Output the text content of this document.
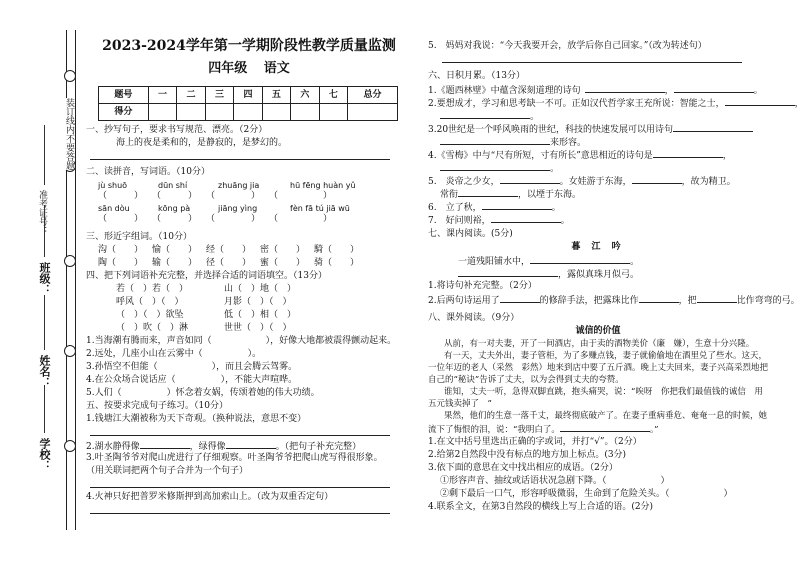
装订线内不要答题
准考证号：
班级：
姓名：
学校：
2023-2024学年第一学期阶段性教学质量监测
四年级 语文
题号	一	二	三	四	五	六	七	总分
得分								
一、抄写句子，要求书写规范、漂亮。（2分）
海上的夜是柔和的，是静寂的，是梦幻的。
二、读拼音，写词语。（10分）
jù shuō	dūn shí	zhuāng jia	hū fēng huàn yǔ
（　　　）　　（　　　）　　（　　　　）　　（　　　　　）
sān dòu	kōng pà	jiāng yìng	fèn fā tú jiā wū
（　　　）　　（　　　）　　（　　　　）　　（　　　　　）
三、形近字组词。（10分）
沟（　　） 愉（　　） 经（　　） 密（　　） 騎（　　）
陶（　　） 输（　　） 径（　　） 蜜（　　） 骑（　　）
四、把下列词语补充完整，并选择合适的词语填空。（13分）
若（　）若（　）	山（　）地（　）
呼风（　）（　）	月影（　）（　）
（　）（　）欲坠	低（　）相（　）
（　）吹（　）淋	世世（　）（　）
1.当海潮有腾而来，声音如同（　　　　　　），好像大地都被震得颤动起来。
2.远处，几座小山在云雾中（　　　　　）。
3.孙悟空不但能（　　　　　　），而且会腾云驾雾。
4.在公众场合说话应（　　　　　），不能大声喧哗。
5.人们（　　　　　）怀念着女娲，传颂着她的伟大功绩。
五、按要求完成句子练习。（10分）
1.钱塘江大潮被称为天下奇观。（换种说法，意思不变）
2.湖水静得像	，绿得像	。（把句子补充完整）
3.叶圣陶爷爷对爬山虎进行了仔细观察。叶圣陶爷爷把爬山虎写得很形象。
（用关联词把两个句子合并为一个句子）
4.火神只好把普罗米修斯押到高加索山上。（改为双重否定句）
5.　妈妈对我说：“今天我要开会，放学后你自己回家。”（改为转述句）
六、日积月累。（13分）
1.《题西林壁》中蕴含深刻道理的诗句	，	。
2.要想成才，学习和思考缺一不可。正如汉代哲学家王充所说：智能之士，	，
。
3.20世纪是一个呼风唤雨的世纪，科技的快速发展可以用诗句
来形容。
4.《雪梅》中与“尺有所短，寸有所长”意思相近的诗句是	，
。
5.　炎帝之少女，	。女娃游于东海，	，故为精卫。
常衔	，以堙于东海。
6.　立了秋，	。
7.　好问则裕，	。
七、课内阅读。(5分)
暮 江 吟
一道残阳铺水中，	。
，露似真珠月似弓。
1.将诗句补充完整。（2分）
2.后两句诗运用了	的修辞手法，把露珠比作	，把	比作弯弯的弓。
八、课外阅读。（9分）
诚信的价值
从前，有一对夫妻，开了一间酒店，由于卖的酒物美价（廉　嫌），生意十分兴隆。
有一天，丈夫外出，妻子管柜，为了多赚点钱，妻子就偷偷地在酒里兑了些水。这天，一位年迈的老人（采然　彩然）地来到店中要了五斤酒。晚上丈夫回来，妻子兴高采烈地把自己的“秘诀”告诉了丈夫，以为会得到丈夫的夸赞。
谁知，丈夫一听，急得双脚直跳，抱头痛哭，说：“唉呀　你把我们最值钱的诚信　用五元钱卖掉了　”
果然，他们的生意一落千丈，最终彻底破产了。在妻子重病垂危、奄奄一息的时候，她流下了悔恨的泪，说：“我明白了。	。”
1.在文中括号里选出正确的字或词，并打“√”。（2分）
2.给第2自然段中没有标点的地方加上标点。(3分)
3.依下面的意思在文中找出相应的成语。（2分）
①形容声音、抽纹或话语状况急剧下降。（　　　　　　）
②剩下最后一口气，形容呼吸微弱，生命到了危险关头。（　　　　　　）
4.联系全文，在第3自然段的横线上写上合适的语。(2分)
